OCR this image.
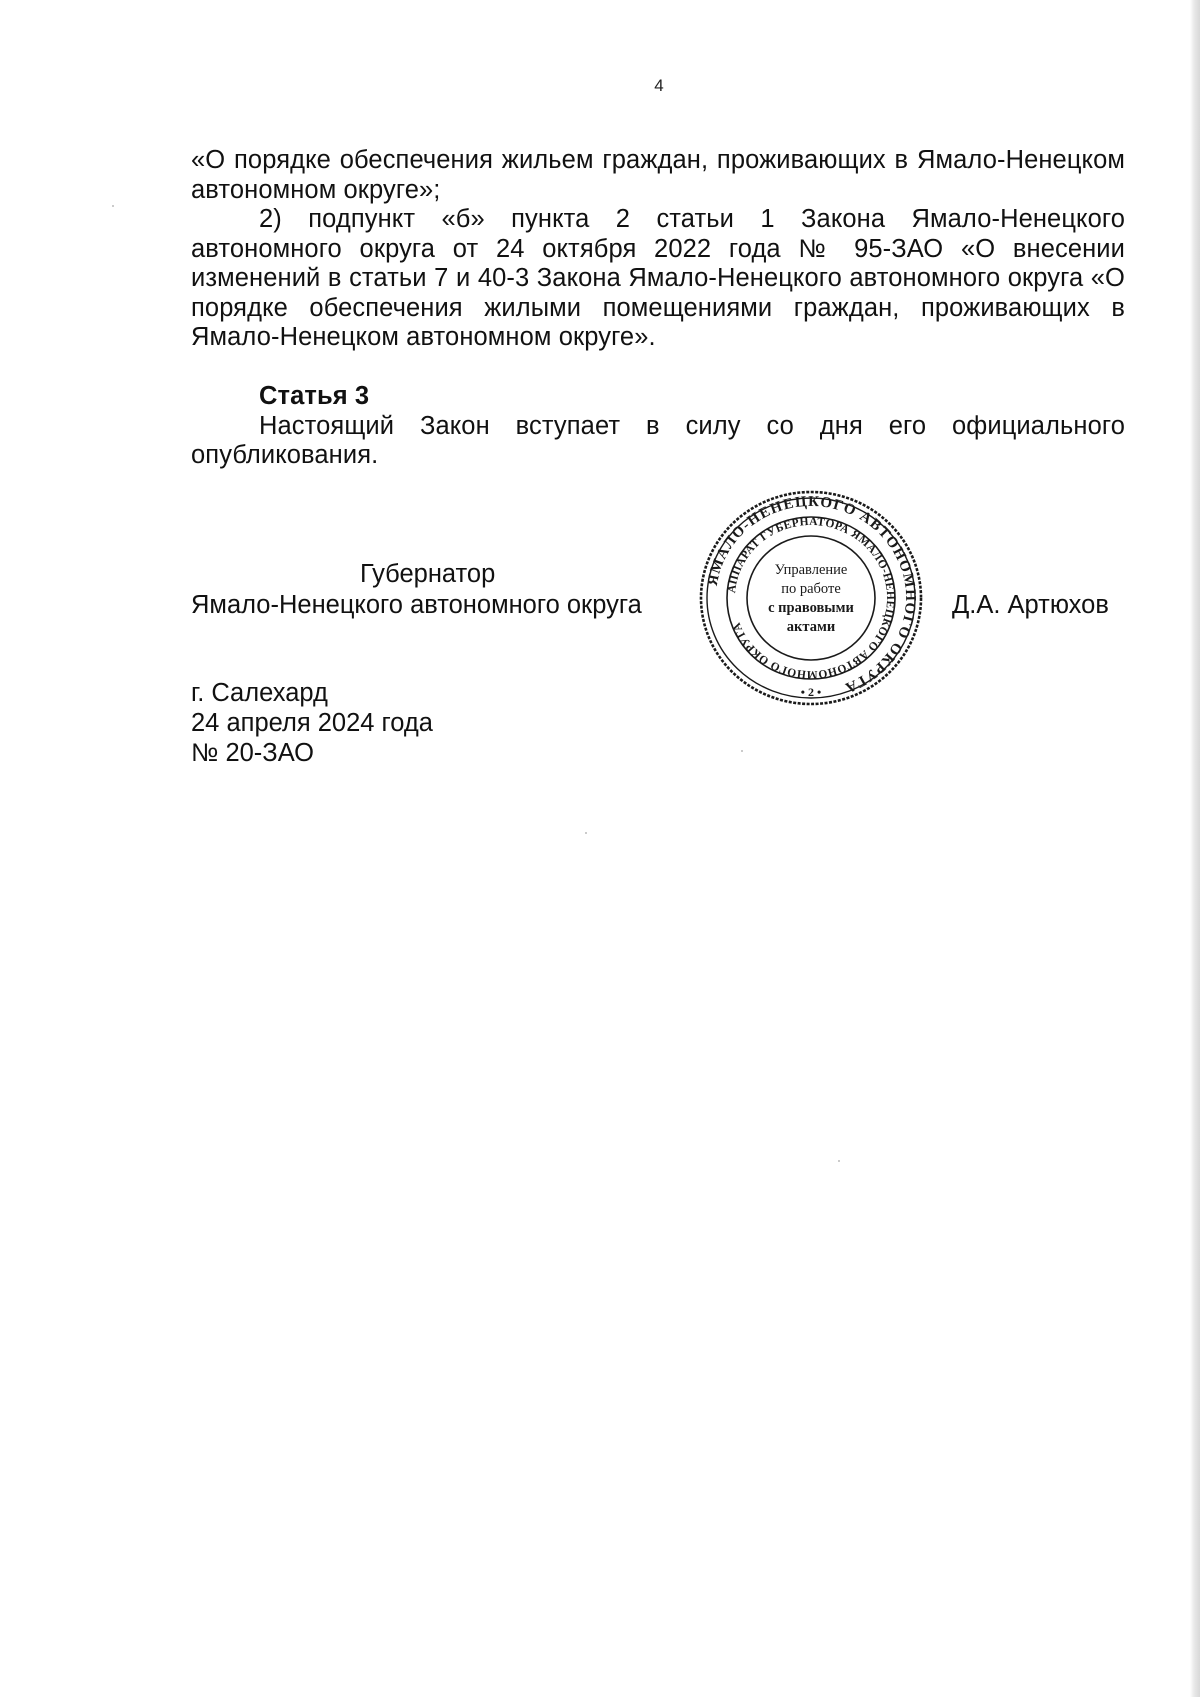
4

«О порядке обеспечения жильем граждан, проживающих в Ямало-Ненецком автономном округе»;

2) подпункт «б» пункта 2 статьи 1 Закона Ямало-Ненецкого автономного округа от 24 октября 2022 года № 95-ЗАО «О внесении изменений в статьи 7 и 40-3 Закона Ямало-Ненецкого автономного округа «О порядке обеспечения жилыми помещениями граждан, проживающих в Ямало-Ненецком автономном округе».

Статья 3

Настоящий Закон вступает в силу со дня его официального опубликования.

Губернатор
Ямало-Ненецкого автономного округа	Д.А. Артюхов
ЯМАЛО-НЕНЕЦКОГО АВТОНОМНОГО ОКРУГА
АППАРАТ ГУБЕРНАТОРА ЯМАЛО-НЕНЕЦКОГО АВТОНОМНОГО ОКРУГА
• 2 •
Управление
по работе
с правовыми
актами
г. Салехард
24 апреля 2024 года
№ 20-ЗАО
